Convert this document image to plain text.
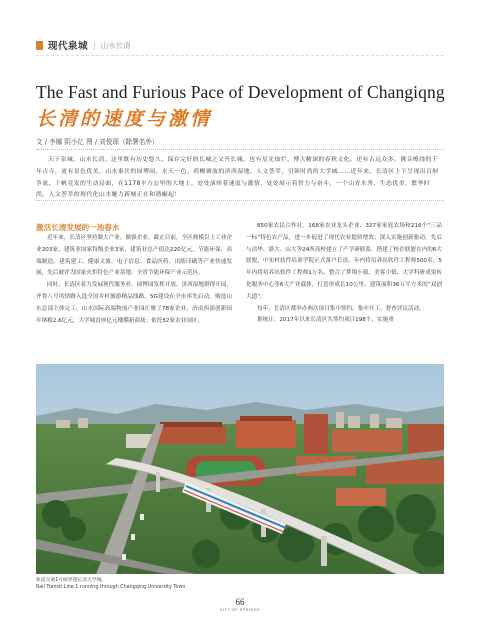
现代泉城 | 山水长清
The Fast and Furious Pace of Development of Changiqng
长清的速度与激情
文 / 李娜 阴小亿 图 / 刘悦琛（除署名外）

天下泉城，山水长清。这里既有历史悠久、保存完好的长城之父齐长城，也有星光灿烂、博大精深的春秋文化，还有古远众多、佛音缭绕的千年古寺，更有景色优美、山水秦岳的园博园。水天一色，荷柳塘波的济西湿地、人文荟萃，引领时尚的大学城……近年来，长清区上下呈现出百舸争流、千帆竞发的生动局面，在1178平方公里的大地上，处处演绎着速度与激情，处处展示着智力与奋斗，一个山青水秀、生态优美、繁华时尚、人文荟萃的现代化山水魅力新城正在和谐崛起！

激活长清发展的一池春水

近年来，长清区坚持做大产业，做强企业。截止目前，全区规模以上工业企业203家，建筑业国家特级企业3家，建筑业总产值达220亿元，节能环保、高端制造、建筑建工、健康文旅、电子信息、食品医药、出版印刷等产业快速发展，先后被评为国家火炬特色产业基地、全省节能环保产业示范区。

同时，长清区着力发展现代服务业。园博园发挥开放，济西湿地群得开园，齐鲁八号风情路入选全国乡村旅游精品线路，5G建设在全市率先启动，购选山东总部主体完工，山水国际高端物流产业园汇聚了78家企业，济南西部创新园年纳税2.6亿元，大学城首座亿元楼膜新商场；依托52家农业园区、

850家农民合作社、168家农业龙头企业、327家家庭农场和216个“三品一标”特色农产品，进一步促进了现代农业提质增效；深入实施创新驱动，先后与清华、浙大、山大等24所高校建立了产学研联系，搭建了校企联盟在内的6大联盟，中实村软件培训学院正式落户长清，年内将培养出软件工程师500名，5年内将培养出软件工程师1万名，整合了梦翔小镇、美客小镇、大学科研成果转化服务中心等6大产业载体，打造形成长10公里、建筑面积36万平方米的“双创大道”。

每年，长清区都举办两次项目集中签约、集中开工、督查评议活动。

据统计，2017年以来长清区共签约项目198个，实施重

轨道交通1号线穿越长清大学城。
Rail Transit Line 1 running through Changqing University Town
66
CITY OF SPRINGS
